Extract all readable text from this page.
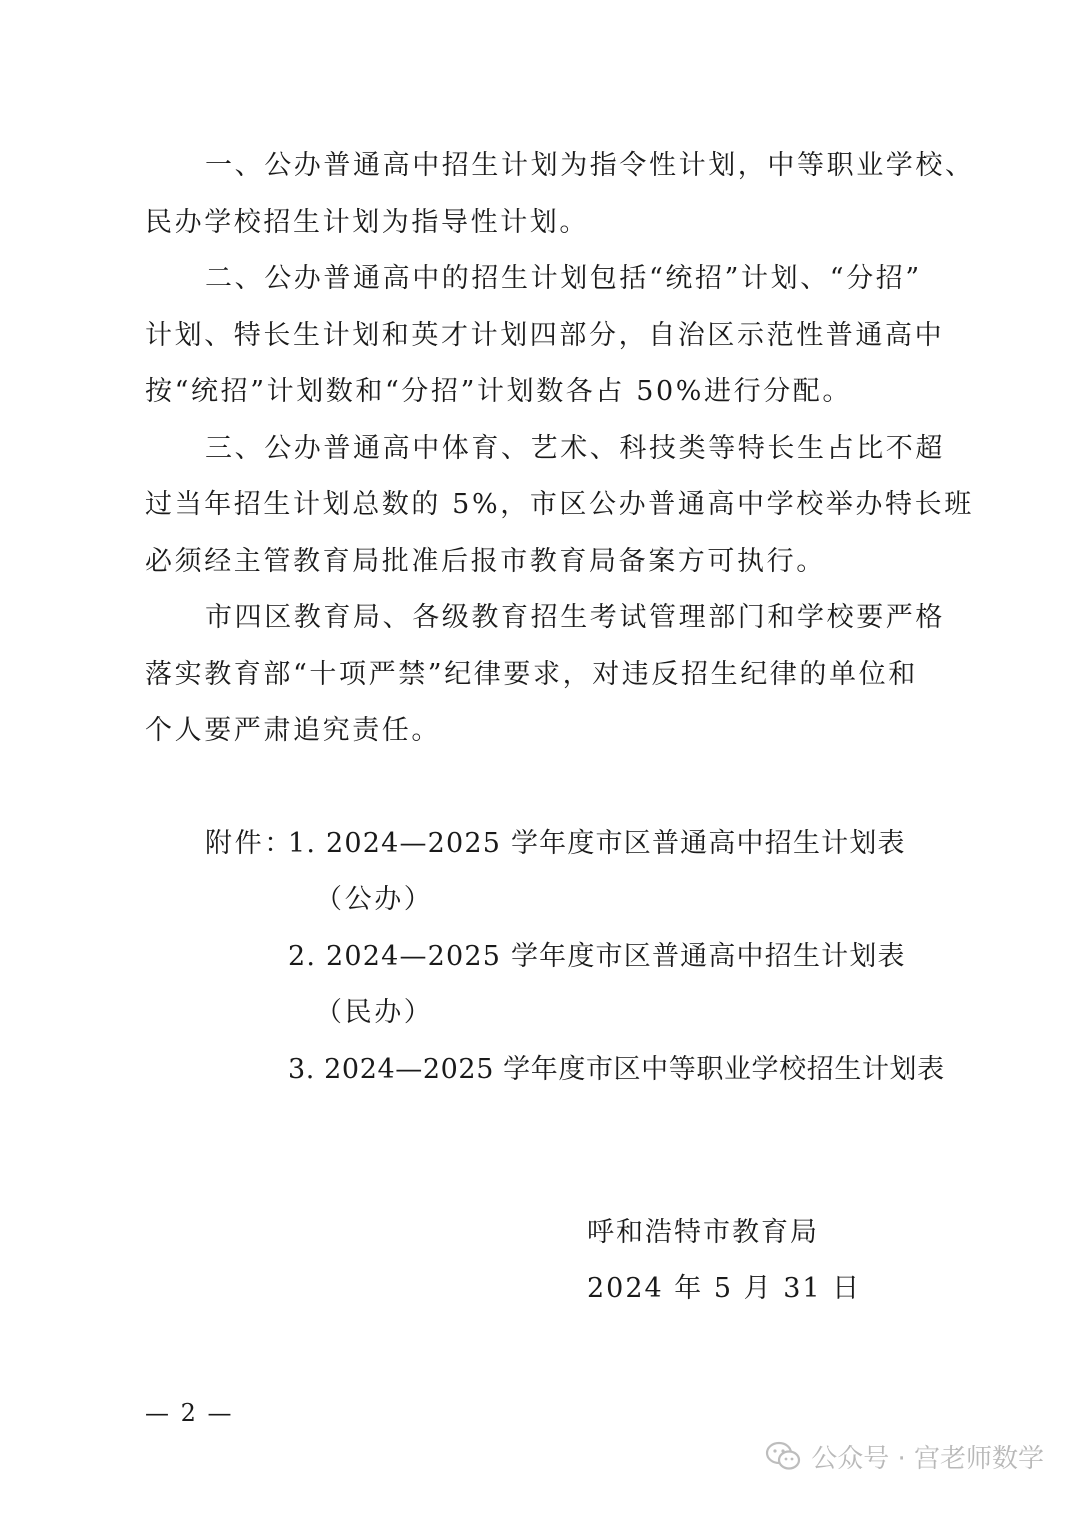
一、公办普通高中招生计划为指令性计划，中等职业学校、
民办学校招生计划为指导性计划。
二、公办普通高中的招生计划包括“统招”计划、“分招”
计划、特长生计划和英才计划四部分，自治区示范性普通高中
按“统招”计划数和“分招”计划数各占 50%进行分配。
三、公办普通高中体育、艺术、科技类等特长生占比不超
过当年招生计划总数的 5%，市区公办普通高中学校举办特长班
必须经主管教育局批准后报市教育局备案方可执行。
市四区教育局、各级教育招生考试管理部门和学校要严格
落实教育部“十项严禁”纪律要求，对违反招生纪律的单位和
个人要严肃追究责任。
附件：
1. 2024—2025 学年度市区普通高中招生计划表
（公办）
2. 2024—2025 学年度市区普通高中招生计划表
（民办）
3. 2024—2025 学年度市区中等职业学校招生计划表
呼和浩特市教育局
2024 年 5 月 31 日
— 2 —
公众号 · 宫老师数学
